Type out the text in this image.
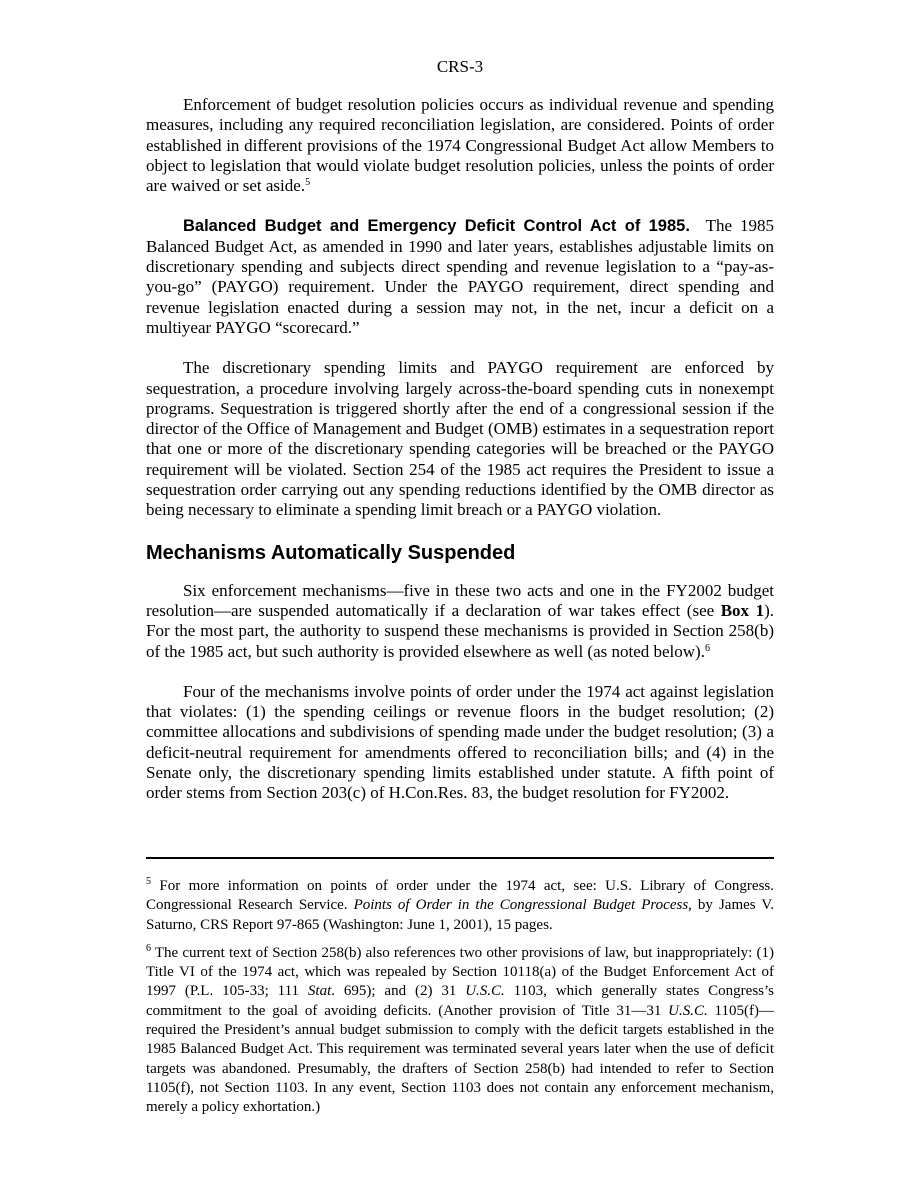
CRS-3

Enforcement of budget resolution policies occurs as individual revenue and spending measures, including any required reconciliation legislation, are considered. Points of order established in different provisions of the 1974 Congressional Budget Act allow Members to object to legislation that would violate budget resolution policies, unless the points of order are waived or set aside.$^5$

Balanced Budget and Emergency Deficit Control Act of 1985. The 1985 Balanced Budget Act, as amended in 1990 and later years, establishes adjustable limits on discretionary spending and subjects direct spending and revenue legislation to a “pay-as-you-go” (PAYGO) requirement. Under the PAYGO requirement, direct spending and revenue legislation enacted during a session may not, in the net, incur a deficit on a multiyear PAYGO “scorecard.”

The discretionary spending limits and PAYGO requirement are enforced by sequestration, a procedure involving largely across-the-board spending cuts in nonexempt programs. Sequestration is triggered shortly after the end of a congressional session if the director of the Office of Management and Budget (OMB) estimates in a sequestration report that one or more of the discretionary spending categories will be breached or the PAYGO requirement will be violated. Section 254 of the 1985 act requires the President to issue a sequestration order carrying out any spending reductions identified by the OMB director as being necessary to eliminate a spending limit breach or a PAYGO violation.

Mechanisms Automatically Suspended

Six enforcement mechanisms—five in these two acts and one in the FY2002 budget resolution—are suspended automatically if a declaration of war takes effect (see Box 1). For the most part, the authority to suspend these mechanisms is provided in Section 258(b) of the 1985 act, but such authority is provided elsewhere as well (as noted below).$^6$

Four of the mechanisms involve points of order under the 1974 act against legislation that violates: (1) the spending ceilings or revenue floors in the budget resolution; (2) committee allocations and subdivisions of spending made under the budget resolution; (3) a deficit-neutral requirement for amendments offered to reconciliation bills; and (4) in the Senate only, the discretionary spending limits established under statute. A fifth point of order stems from Section 203(c) of H.Con.Res. 83, the budget resolution for FY2002.

$^5$ For more information on points of order under the 1974 act, see: U.S. Library of Congress. Congressional Research Service. Points of Order in the Congressional Budget Process, by James V. Saturno, CRS Report 97-865 (Washington: June 1, 2001), 15 pages.

$^6$ The current text of Section 258(b) also references two other provisions of law, but inappropriately: (1) Title VI of the 1974 act, which was repealed by Section 10118(a) of the Budget Enforcement Act of 1997 (P.L. 105-33; 111 Stat. 695); and (2) 31 U.S.C. 1103, which generally states Congress’s commitment to the goal of avoiding deficits. (Another provision of Title 31—31 U.S.C. 1105(f)—required the President’s annual budget submission to comply with the deficit targets established in the 1985 Balanced Budget Act. This requirement was terminated several years later when the use of deficit targets was abandoned. Presumably, the drafters of Section 258(b) had intended to refer to Section 1105(f), not Section 1103. In any event, Section 1103 does not contain any enforcement mechanism, merely a policy exhortation.)
